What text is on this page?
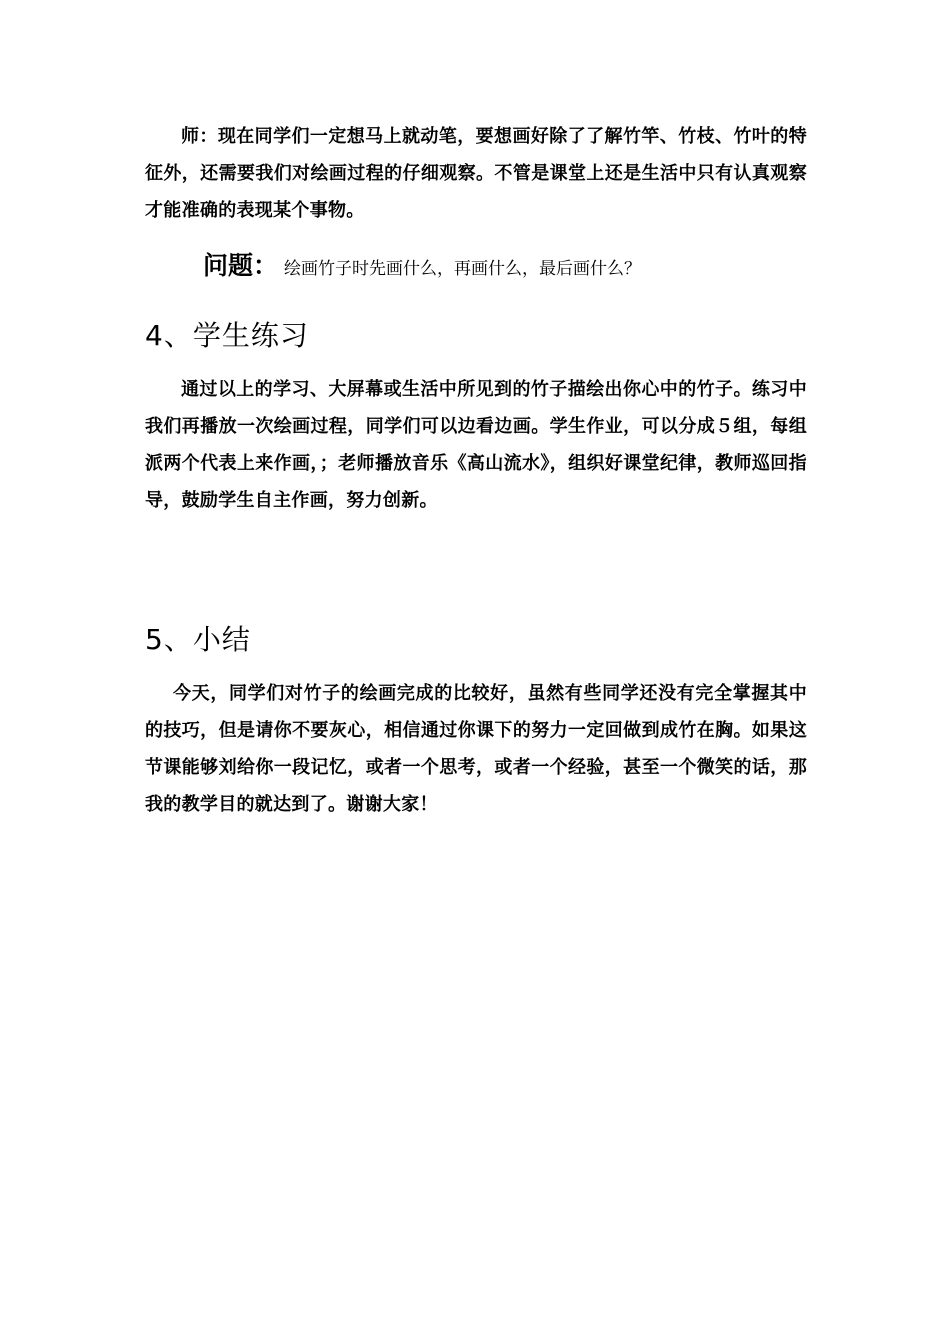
师：现在同学们一定想马上就动笔，要想画好除了了解竹竿、竹枝、竹叶的特征外，还需要我们对绘画过程的仔细观察。不管是课堂上还是生活中只有认真观察才能准确的表现某个事物。

问题： 绘画竹子时先画什么，再画什么，最后画什么？

4、学生练习

通过以上的学习、大屏幕或生活中所见到的竹子描绘出你心中的竹子。练习中我们再播放一次绘画过程，同学们可以边看边画。学生作业，可以分成５组，每组派两个代表上来作画，；老师播放音乐《高山流水》，组织好课堂纪律，教师巡回指导，鼓励学生自主作画，努力创新。

5、小结

今天，同学们对竹子的绘画完成的比较好，虽然有些同学还没有完全掌握其中的技巧，但是请你不要灰心，相信通过你课下的努力一定回做到成竹在胸。如果这节课能够刘给你一段记忆，或者一个思考，或者一个经验，甚至一个微笑的话，那我的教学目的就达到了。谢谢大家！
